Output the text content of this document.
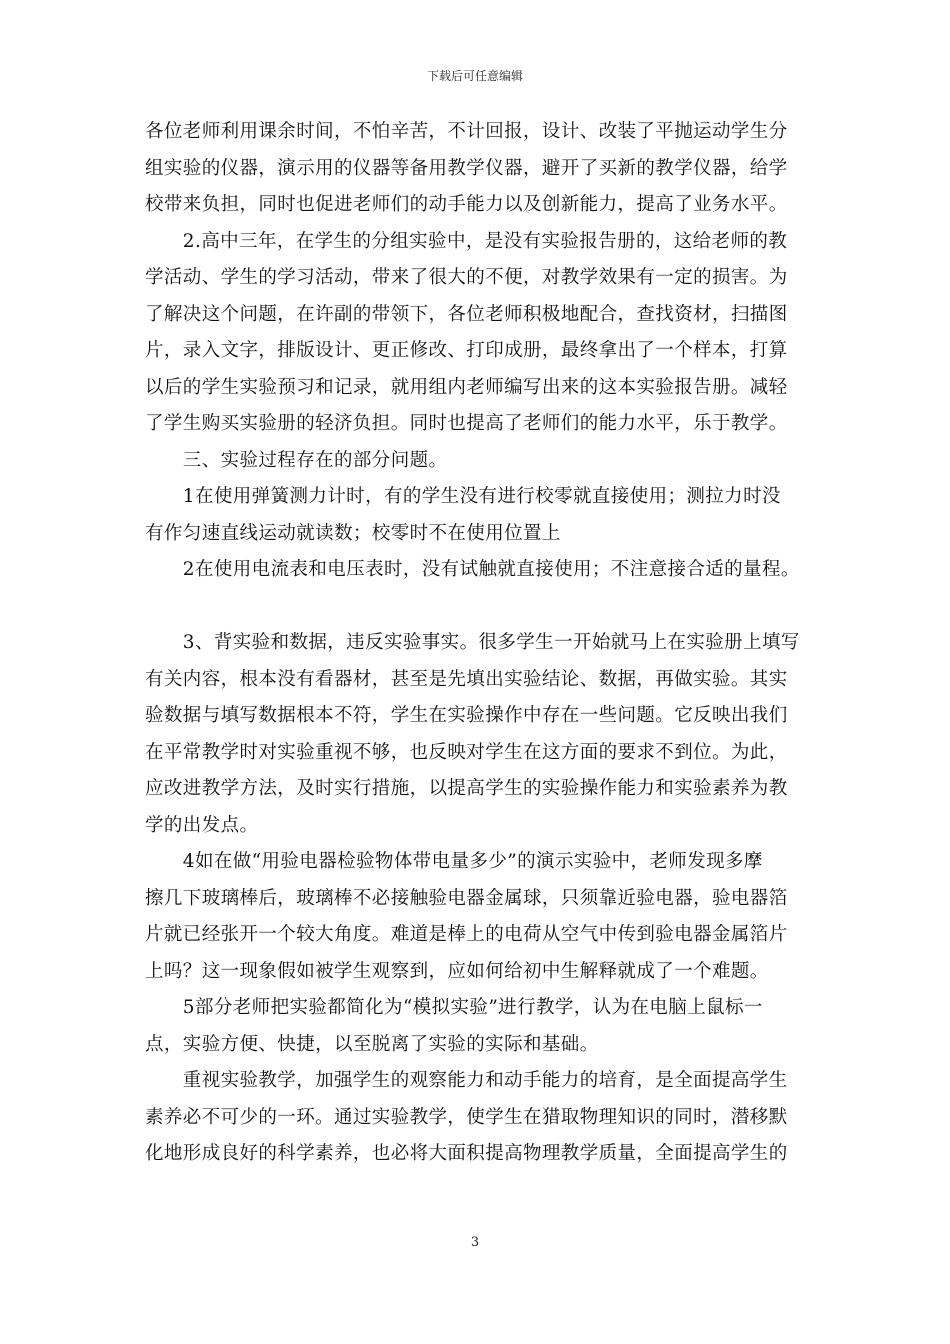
下载后可任意编辑
各位老师利用课余时间，不怕辛苦，不计回报，设计、改装了平抛运动学生分
组实验的仪器，演示用的仪器等备用教学仪器，避开了买新的教学仪器，给学
校带来负担，同时也促进老师们的动手能力以及创新能力，提高了业务水平。
　　2.高中三年，在学生的分组实验中，是没有实验报告册的，这给老师的教
学活动、学生的学习活动，带来了很大的不便，对教学效果有一定的损害。为
了解决这个问题，在许副的带领下，各位老师积极地配合，查找资材，扫描图
片，录入文字，排版设计、更正修改、打印成册，最终拿出了一个样本，打算
以后的学生实验预习和记录，就用组内老师编写出来的这本实验报告册。减轻
了学生购买实验册的轻济负担。同时也提高了老师们的能力水平，乐于教学。
　　三、实验过程存在的部分问题。
　　1在使用弹簧测力计时，有的学生没有进行校零就直接使用；测拉力时没
有作匀速直线运动就读数；校零时不在使用位置上
　　2在使用电流表和电压表时，没有试触就直接使用；不注意接合适的量程。
　　3、背实验和数据，违反实验事实。很多学生一开始就马上在实验册上填写
有关内容，根本没有看器材，甚至是先填出实验结论、数据，再做实验。其实
验数据与填写数据根本不符，学生在实验操作中存在一些问题。它反映出我们
在平常教学时对实验重视不够，也反映对学生在这方面的要求不到位。为此，
应改进教学方法，及时实行措施，以提高学生的实验操作能力和实验素养为教
学的出发点。
　　4如在做“用验电器检验物体带电量多少”的演示实验中，老师发现多摩
擦几下玻璃棒后，玻璃棒不必接触验电器金属球，只须靠近验电器，验电器箔
片就已经张开一个较大角度。难道是棒上的电荷从空气中传到验电器金属箔片
上吗？这一现象假如被学生观察到，应如何给初中生解释就成了一个难题。
　　5部分老师把实验都简化为“模拟实验”进行教学，认为在电脑上鼠标一
点，实验方便、快捷，以至脱离了实验的实际和基础。
　　重视实验教学，加强学生的观察能力和动手能力的培育，是全面提高学生
素养必不可少的一环。通过实验教学，使学生在猎取物理知识的同时，潜移默
化地形成良好的科学素养，也必将大面积提高物理教学质量，全面提高学生的
3
